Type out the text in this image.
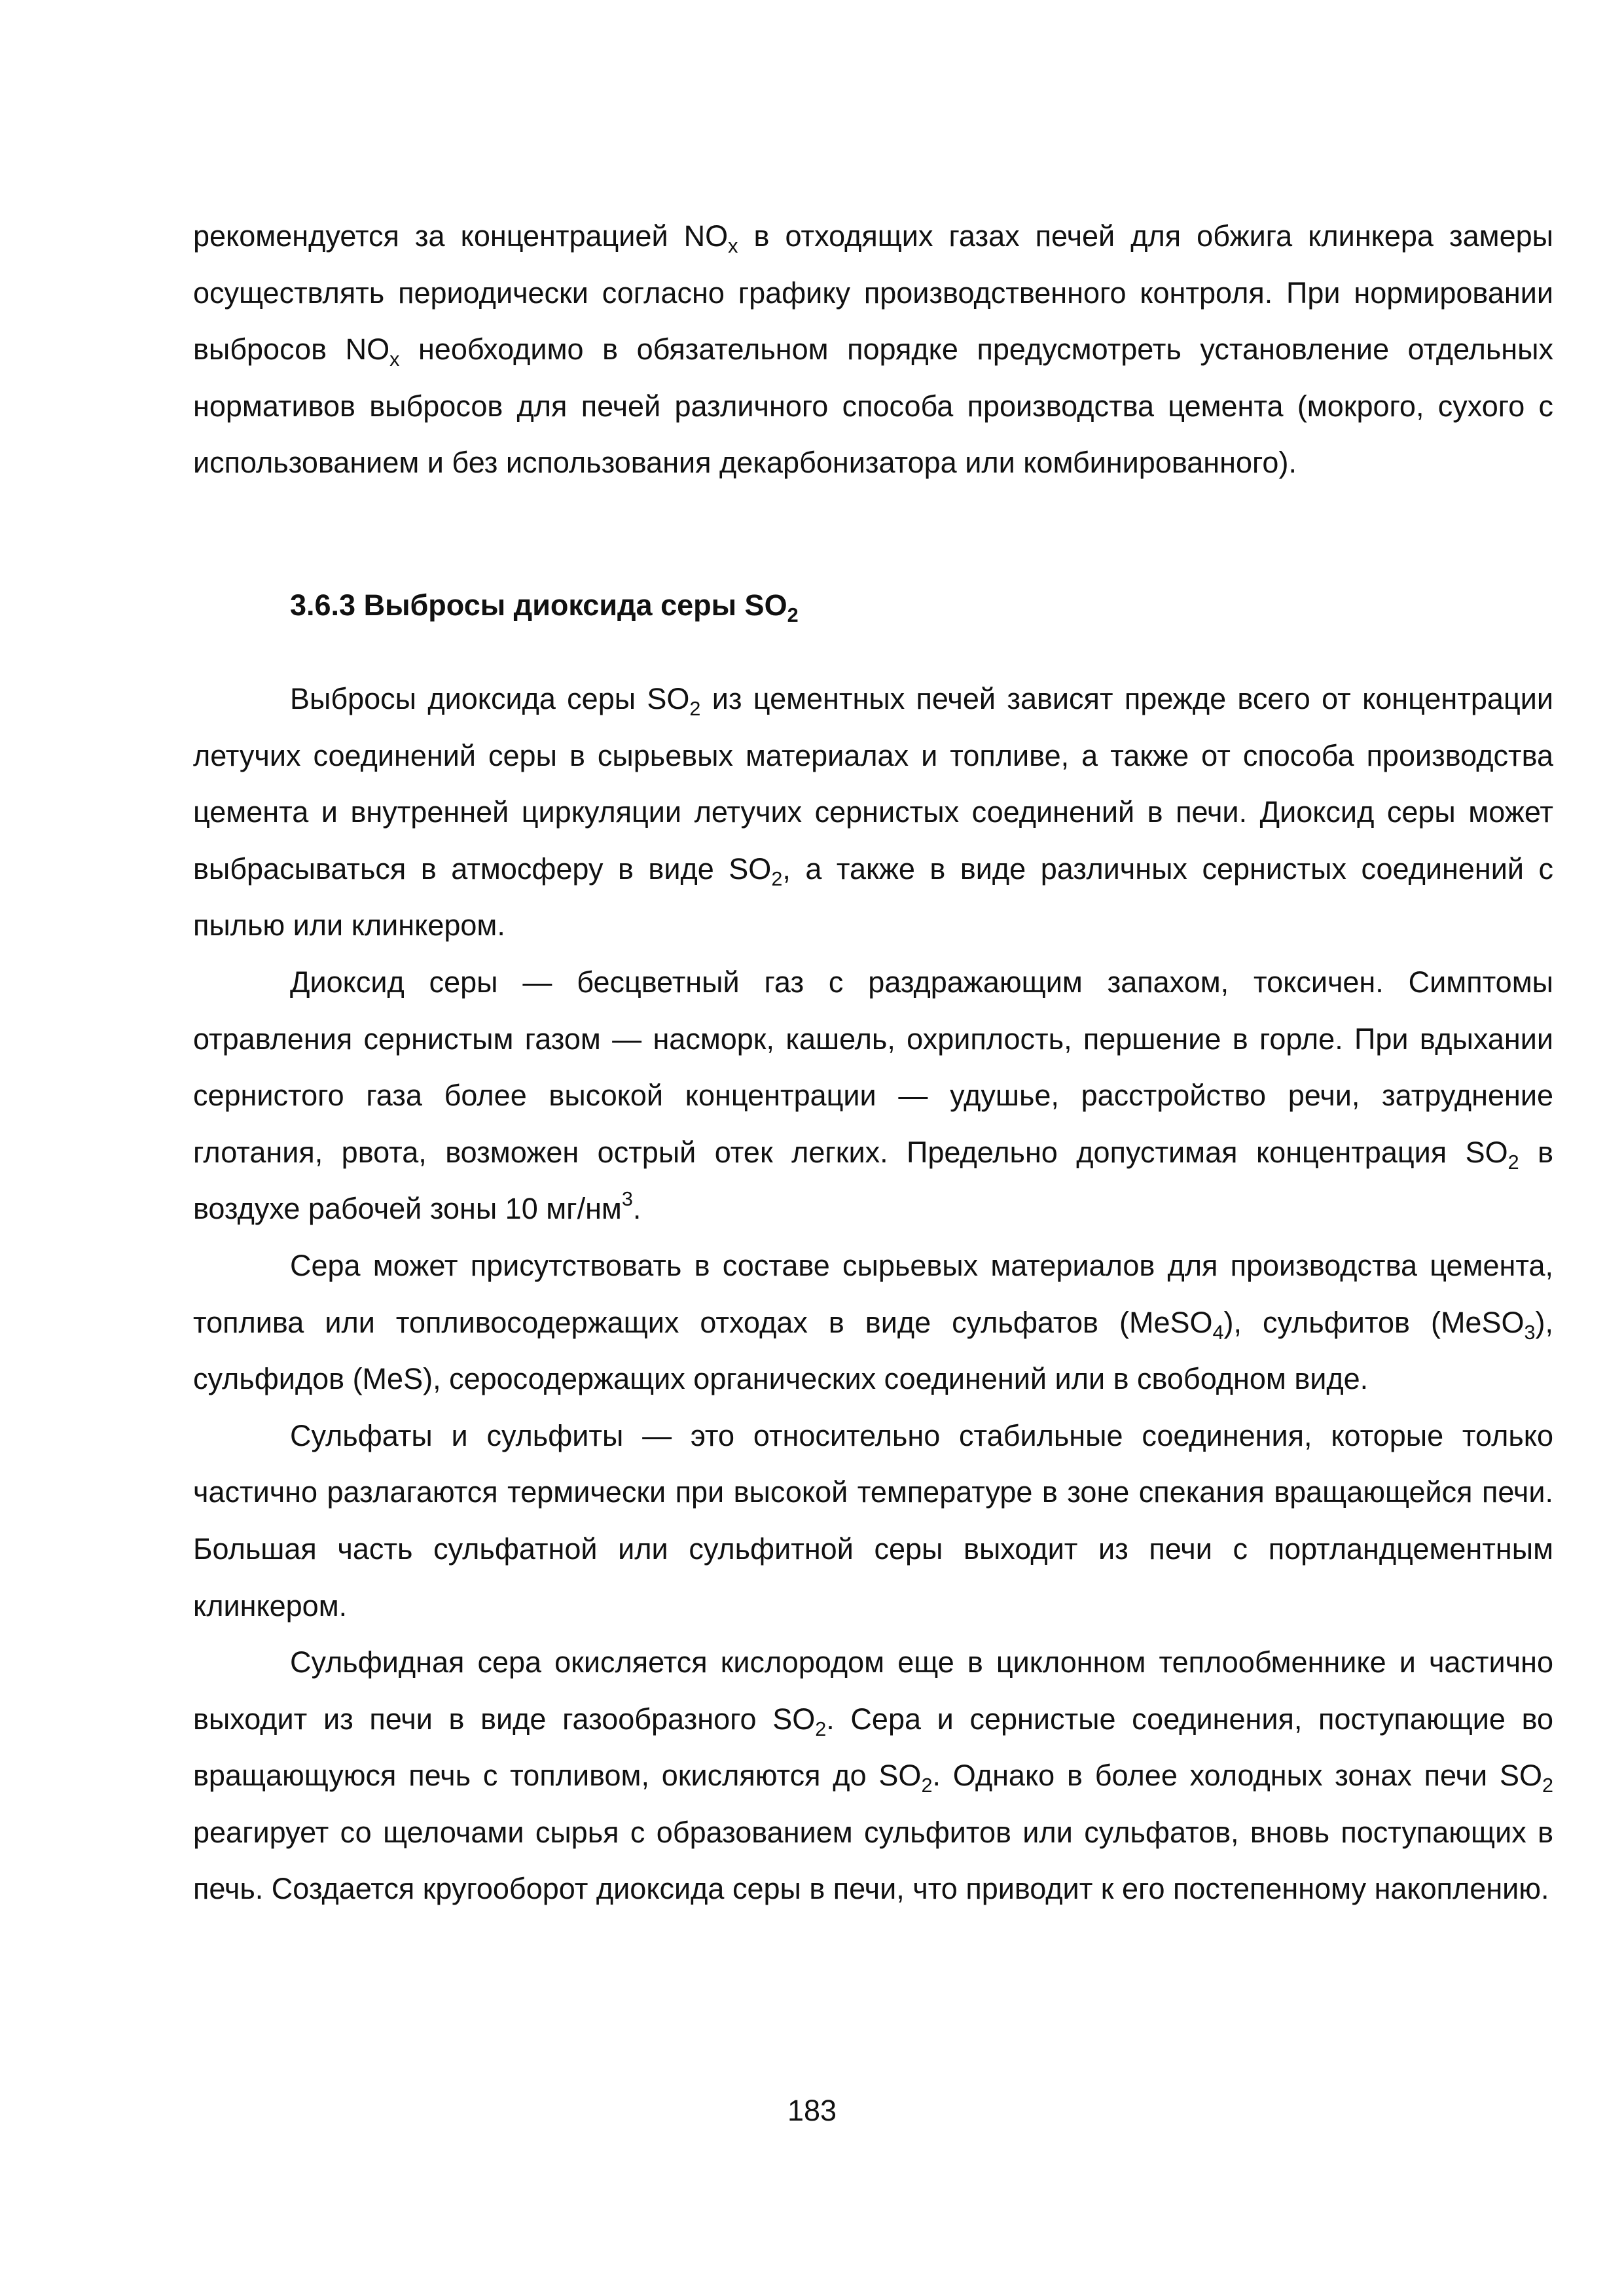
рекомендуется за концентрацией $NO_x$ в отходящих газах печей для обжига клинкера замеры осуществлять периодически согласно графику производственного контроля. При нормировании выбросов $NO_x$ необходимо в обязательном порядке предусмотреть установление отдельных нормативов выбросов для печей различного способа производства цемента (мокрого, сухого с использованием и без использования декарбонизатора или комбинированного).

3.6.3 Выбросы диоксида серы $SO_2$

Выбросы диоксида серы $SO_2$ из цементных печей зависят прежде всего от концентрации летучих соединений серы в сырьевых материалах и топливе, а также от способа производства цемента и внутренней циркуляции летучих сернистых соединений в печи. Диоксид серы может выбрасываться в атмосферу в виде $SO_2$, а также в виде различных сернистых соединений с пылью или клинкером.

Диоксид серы — бесцветный газ с раздражающим запахом, токсичен. Симптомы отравления сернистым газом — насморк, кашель, охриплость, першение в горле. При вдыхании сернистого газа более высокой концентрации — удушье, расстройство речи, затруднение глотания, рвота, возможен острый отек легких. Предельно допустимая концентрация $SO_2$ в воздухе рабочей зоны 10 $мг/нм^3$.

Сера может присутствовать в составе сырьевых материалов для производства цемента, топлива или топливосодержащих отходах в виде сульфатов (MeSO$_4$), сульфитов (MeSO$_3$), сульфидов (MeS), серосодержащих органических соединений или в свободном виде.

Сульфаты и сульфиты — это относительно стабильные соединения, которые только частично разлагаются термически при высокой температуре в зоне спекания вращающейся печи. Большая часть сульфатной или сульфитной серы выходит из печи с портландцементным клинкером.

Сульфидная сера окисляется кислородом еще в циклонном теплообменнике и частично выходит из печи в виде газообразного $SO_2$. Сера и сернистые соединения, поступающие во вращающуюся печь с топливом, окисляются до $SO_2$. Однако в более холодных зонах печи $SO_2$ реагирует со щелочами сырья с образованием сульфитов или сульфатов, вновь поступающих в печь. Создается кругооборот диоксида серы в печи, что приводит к его постепенному накоплению.

183
